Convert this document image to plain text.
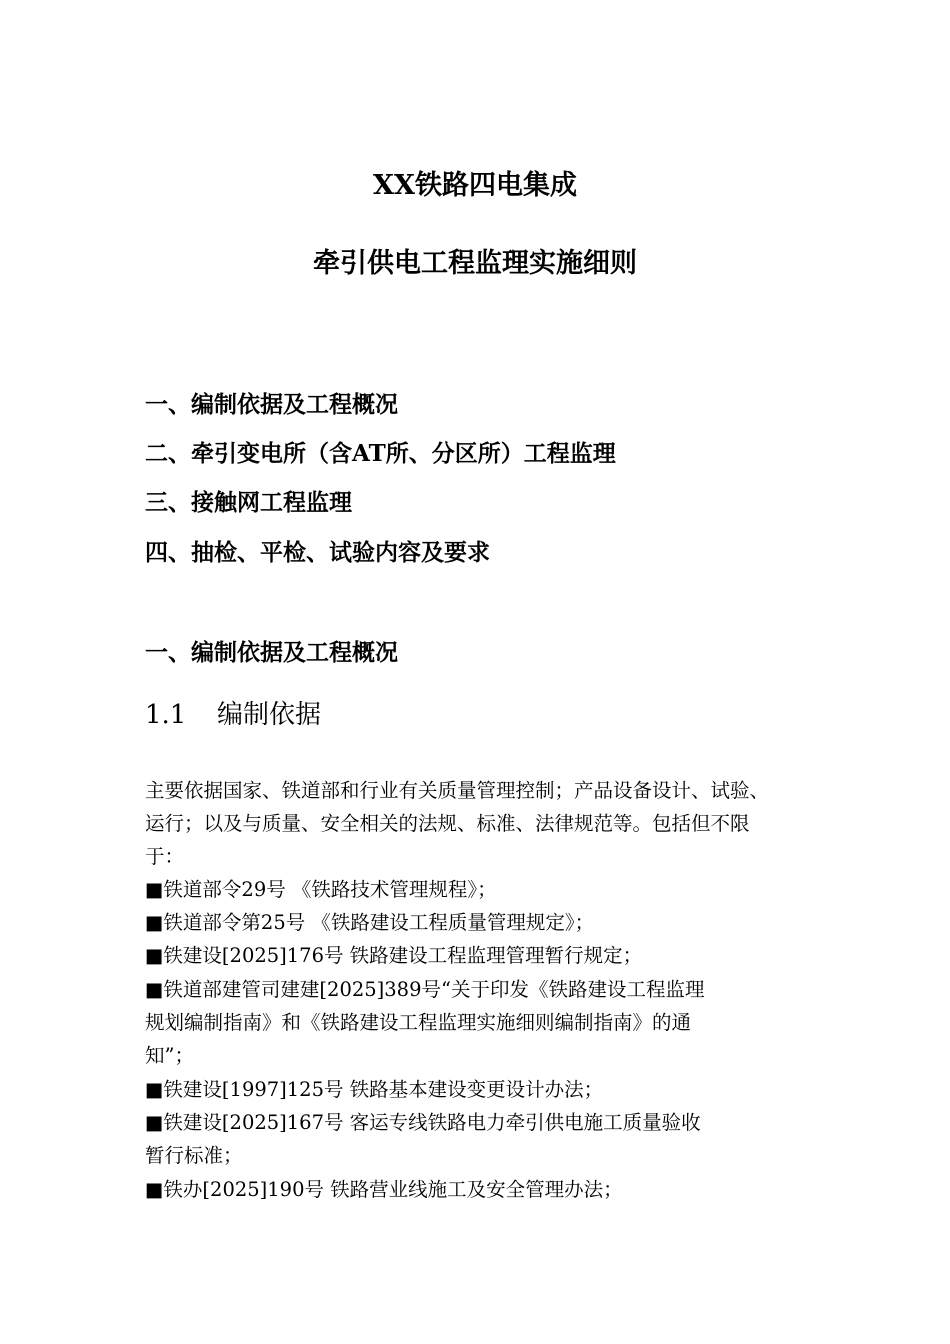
XX铁路四电集成
牵引供电工程监理实施细则
一、编制依据及工程概况
二、牵引变电所（含AT所、分区所）工程监理
三、接触网工程监理
四、抽检、平检、试验内容及要求
一、编制依据及工程概况
1.1 编制依据
主要依据国家、铁道部和行业有关质量管理控制；产品设备设计、试验、
运行；以及与质量、安全相关的法规、标准、法律规范等。包括但不限
于：
■铁道部令29号 《铁路技术管理规程》；
■铁道部令第25号 《铁路建设工程质量管理规定》；
■铁建设[2025]176号 铁路建设工程监理管理暂行规定；
■铁道部建管司建建[2025]389号“关于印发《铁路建设工程监理
规划编制指南》和《铁路建设工程监理实施细则编制指南》的通
知”；
■铁建设[1997]125号 铁路基本建设变更设计办法；
■铁建设[2025]167号 客运专线铁路电力牵引供电施工质量验收
暂行标准；
■铁办[2025]190号 铁路营业线施工及安全管理办法；
